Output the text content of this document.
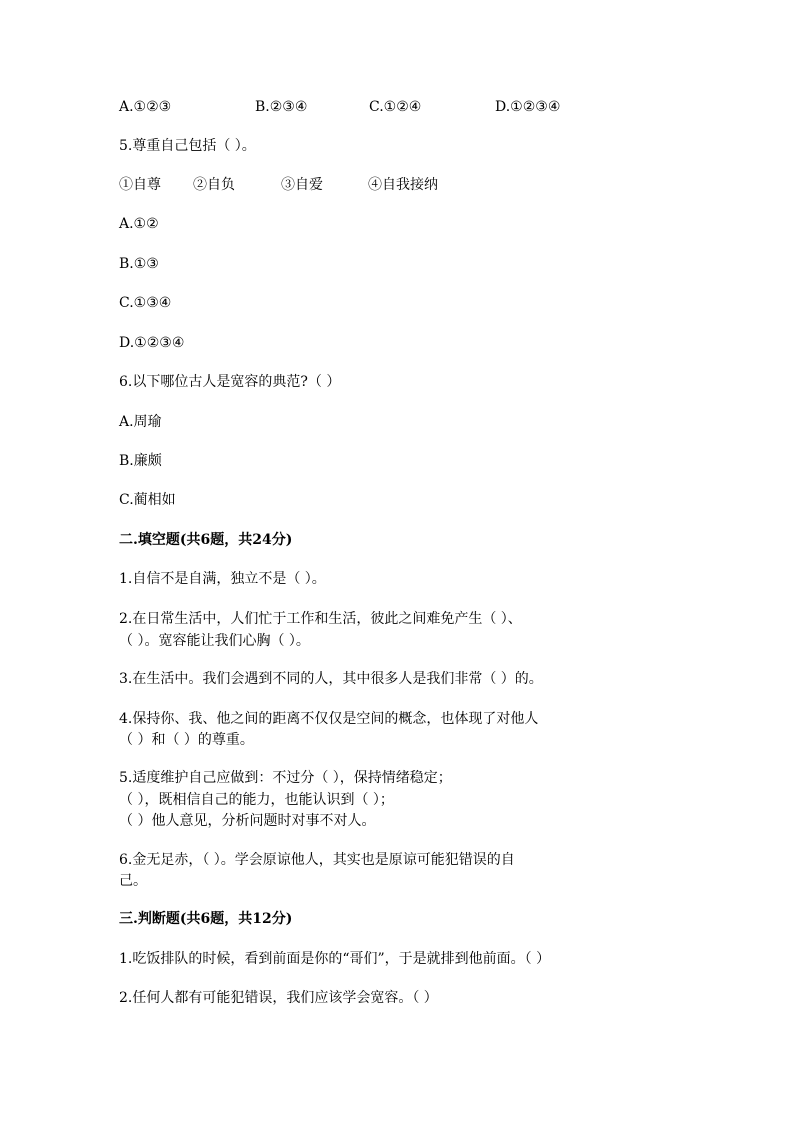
A.①②③	B.②③④	C.①②④	D.①②③④
5.尊重自己包括（ ）。
①自尊 ②自负	③自爱	④自我接纳
A.①②
B.①③
C.①③④
D.①②③④
6.以下哪位古人是宽容的典范?（ ）
A.周瑜
B.廉颇
C.蔺相如
二.填空题(共6题，共24分)
1.自信不是自满，独立不是（ ）。
2.在日常生活中，人们忙于工作和生活，彼此之间难免产生（ ）、
（ ）。宽容能让我们心胸（ ）。
3.在生活中。我们会遇到不同的人，其中很多人是我们非常（ ）的。
4.保持你、我、他之间的距离不仅仅是空间的概念，也体现了对他人
（ ）和（ ）的尊重。
5.适度维护自己应做到：不过分（ ），保持情绪稳定；
（ ），既相信自己的能力，也能认识到（ ）；
（ ）他人意见，分析问题时对事不对人。
6.金无足赤，（ ）。学会原谅他人，其实也是原谅可能犯错误的自
己。
三.判断题(共6题，共12分)
1.吃饭排队的时候，看到前面是你的“哥们”，于是就排到他前面。（ ）
2.任何人都有可能犯错误，我们应该学会宽容。（ ）
